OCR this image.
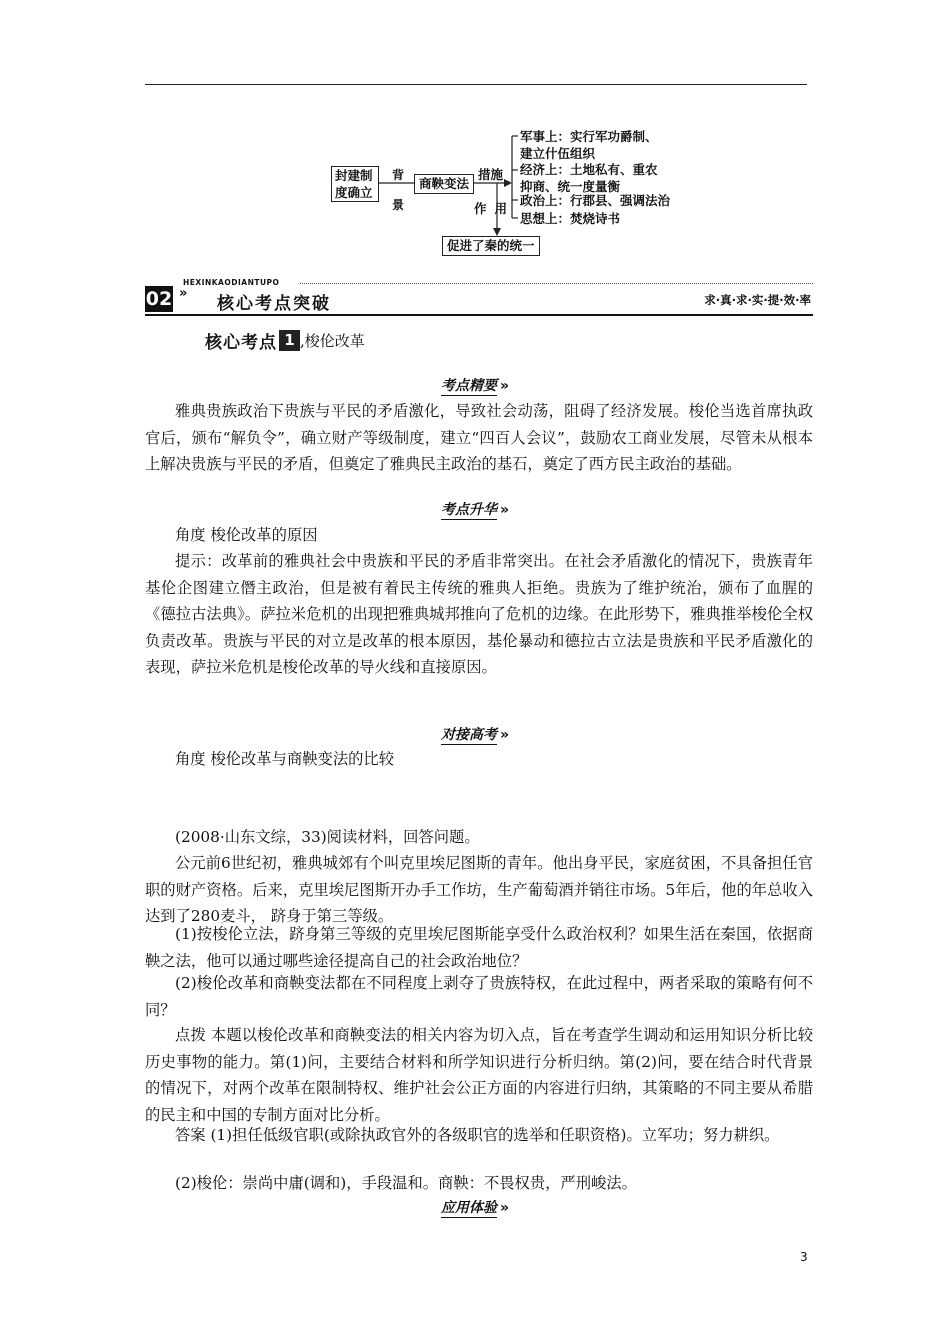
封建制度确立
背景
商鞅变法
措施
作用
军事上：实行军功爵制、
建立什伍组织
经济上：土地私有、重农
抑商、统一度量衡
政治上：行郡县、强调法治
思想上：焚烧诗书
促进了秦的统一
HEXINKAODIANTUPO
02 »
核心考点突破	求·真·求·实·提·效·率
核心考点 1 ,梭伦改革
考点精要 »

雅典贵族政治下贵族与平民的矛盾激化，导致社会动荡，阻碍了经济发展。梭伦当选首席执政官后，颁布“解负令”，确立财产等级制度，建立“四百人会议”，鼓励农工商业发展，尽管未从根本上解决贵族与平民的矛盾，但奠定了雅典民主政治的基石，奠定了西方民主政治的基础。

考点升华 »
角度 梭伦改革的原因

提示：改革前的雅典社会中贵族和平民的矛盾非常突出。在社会矛盾激化的情况下，贵族青年基伦企图建立僭主政治，但是被有着民主传统的雅典人拒绝。贵族为了维护统治，颁布了血腥的《德拉古法典》。萨拉米危机的出现把雅典城邦推向了危机的边缘。在此形势下，雅典推举梭伦全权负责改革。贵族与平民的对立是改革的根本原因，基伦暴动和德拉古立法是贵族和平民矛盾激化的表现，萨拉米危机是梭伦改革的导火线和直接原因。

对接高考 »
角度 梭伦改革与商鞅变法的比较
(2008·山东文综，33)阅读材料，回答问题。

公元前6世纪初，雅典城郊有个叫克里埃尼图斯的青年。他出身平民，家庭贫困，不具备担任官职的财产资格。后来，克里埃尼图斯开办手工作坊，生产葡萄酒并销往市场。5年后，他的年总收入达到了280麦斗， 跻身于第三等级。

(1)按梭伦立法，跻身第三等级的克里埃尼图斯能享受什么政治权利？如果生活在秦国，依据商鞅之法，他可以通过哪些途径提高自己的社会政治地位？

(2)梭伦改革和商鞅变法都在不同程度上剥夺了贵族特权，在此过程中，两者采取的策略有何不同？

点拨 本题以梭伦改革和商鞅变法的相关内容为切入点，旨在考查学生调动和运用知识分析比较历史事物的能力。第(1)问，主要结合材料和所学知识进行分析归纳。第(2)问，要在结合时代背景的情况下，对两个改革在限制特权、维护社会公正方面的内容进行归纳，其策略的不同主要从希腊的民主和中国的专制方面对比分析。

答案 (1)担任低级官职(或除执政官外的各级职官的选举和任职资格)。立军功；努力耕织。

(2)梭伦：崇尚中庸(调和)，手段温和。商鞅：不畏权贵，严刑峻法。
应用体验 »
3
